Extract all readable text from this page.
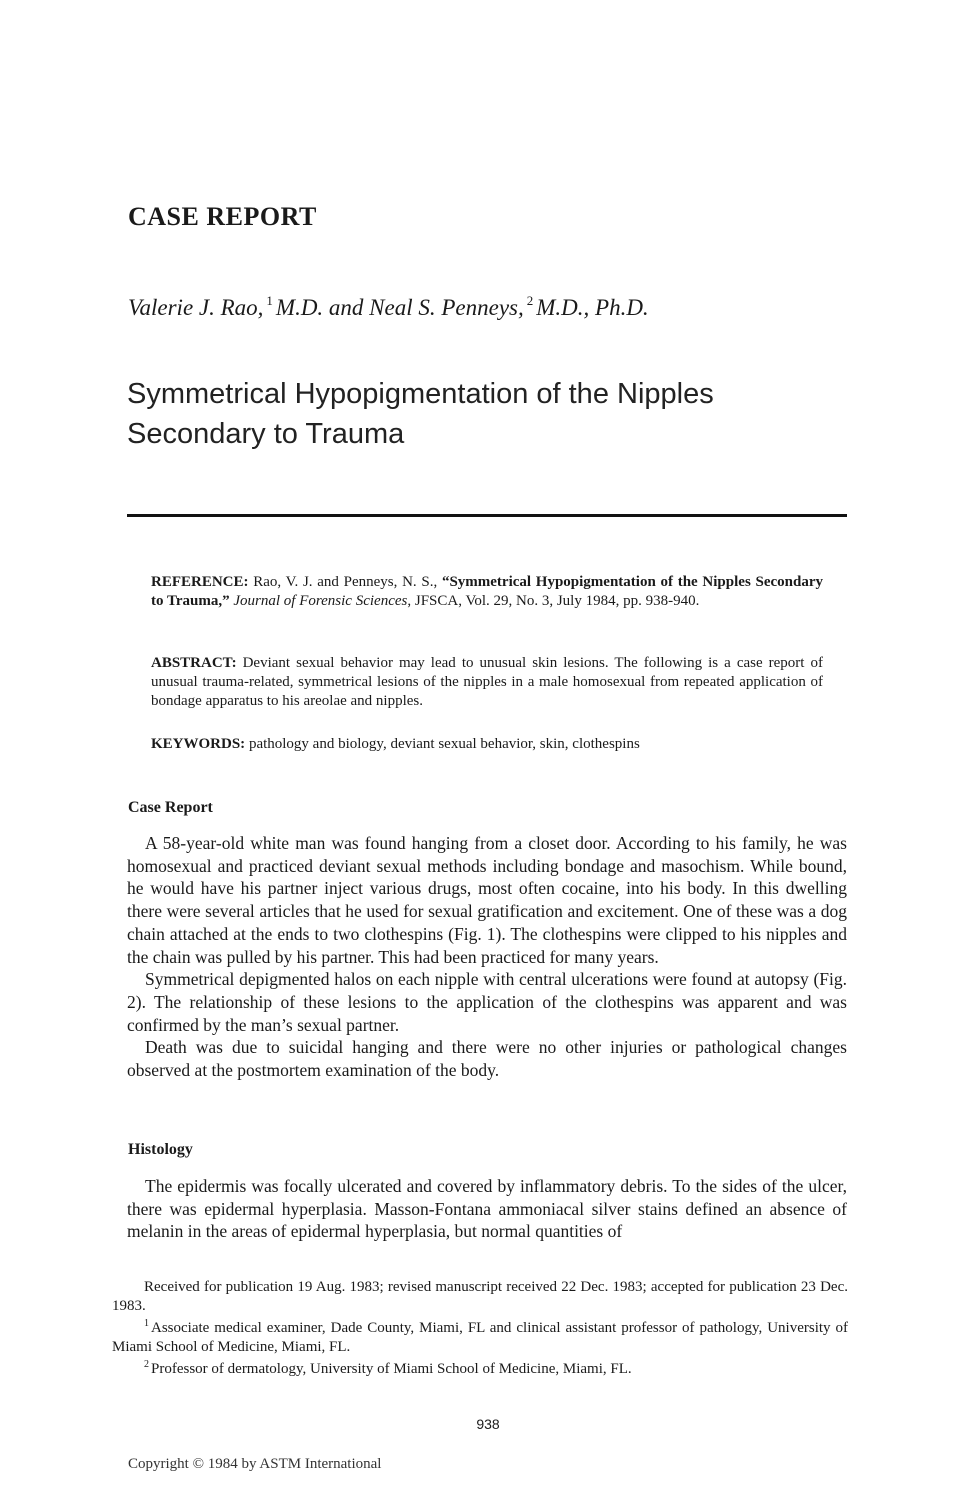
CASE REPORT
Valerie J. Rao, $^1$ M.D. and Neal S. Penneys, $^2$ M.D., Ph.D.
Symmetrical Hypopigmentation of the Nipples
Secondary to Trauma
REFERENCE: Rao, V. J. and Penneys, N. S., “Symmetrical Hypopigmentation of the Nipples Secondary to Trauma,” Journal of Forensic Sciences, JFSCA, Vol. 29, No. 3, July 1984, pp. 938-940.
ABSTRACT: Deviant sexual behavior may lead to unusual skin lesions. The following is a case report of unusual trauma-related, symmetrical lesions of the nipples in a male homosexual from repeated application of bondage apparatus to his areolae and nipples.
KEYWORDS: pathology and biology, deviant sexual behavior, skin, clothespins
Case Report

A 58-year-old white man was found hanging from a closet door. According to his family, he was homosexual and practiced deviant sexual methods including bondage and masochism. While bound, he would have his partner inject various drugs, most often cocaine, into his body. In this dwelling there were several articles that he used for sexual gratification and excitement. One of these was a dog chain attached at the ends to two clothespins (Fig. 1). The clothespins were clipped to his nipples and the chain was pulled by his partner. This had been practiced for many years.

Symmetrical depigmented halos on each nipple with central ulcerations were found at autopsy (Fig. 2). The relationship of these lesions to the application of the clothespins was apparent and was confirmed by the man’s sexual partner.

Death was due to suicidal hanging and there were no other injuries or pathological changes observed at the postmortem examination of the body.

Histology

The epidermis was focally ulcerated and covered by inflammatory debris. To the sides of the ulcer, there was epidermal hyperplasia. Masson-Fontana ammoniacal silver stains defined an absence of melanin in the areas of epidermal hyperplasia, but normal quantities of

Received for publication 19 Aug. 1983; revised manuscript received 22 Dec. 1983; accepted for publication 23 Dec. 1983.

$^1$ Associate medical examiner, Dade County, Miami, FL and clinical assistant professor of pathology, University of Miami School of Medicine, Miami, FL.

$^2$ Professor of dermatology, University of Miami School of Medicine, Miami, FL.

938
Copyright © 1984 by ASTM International
